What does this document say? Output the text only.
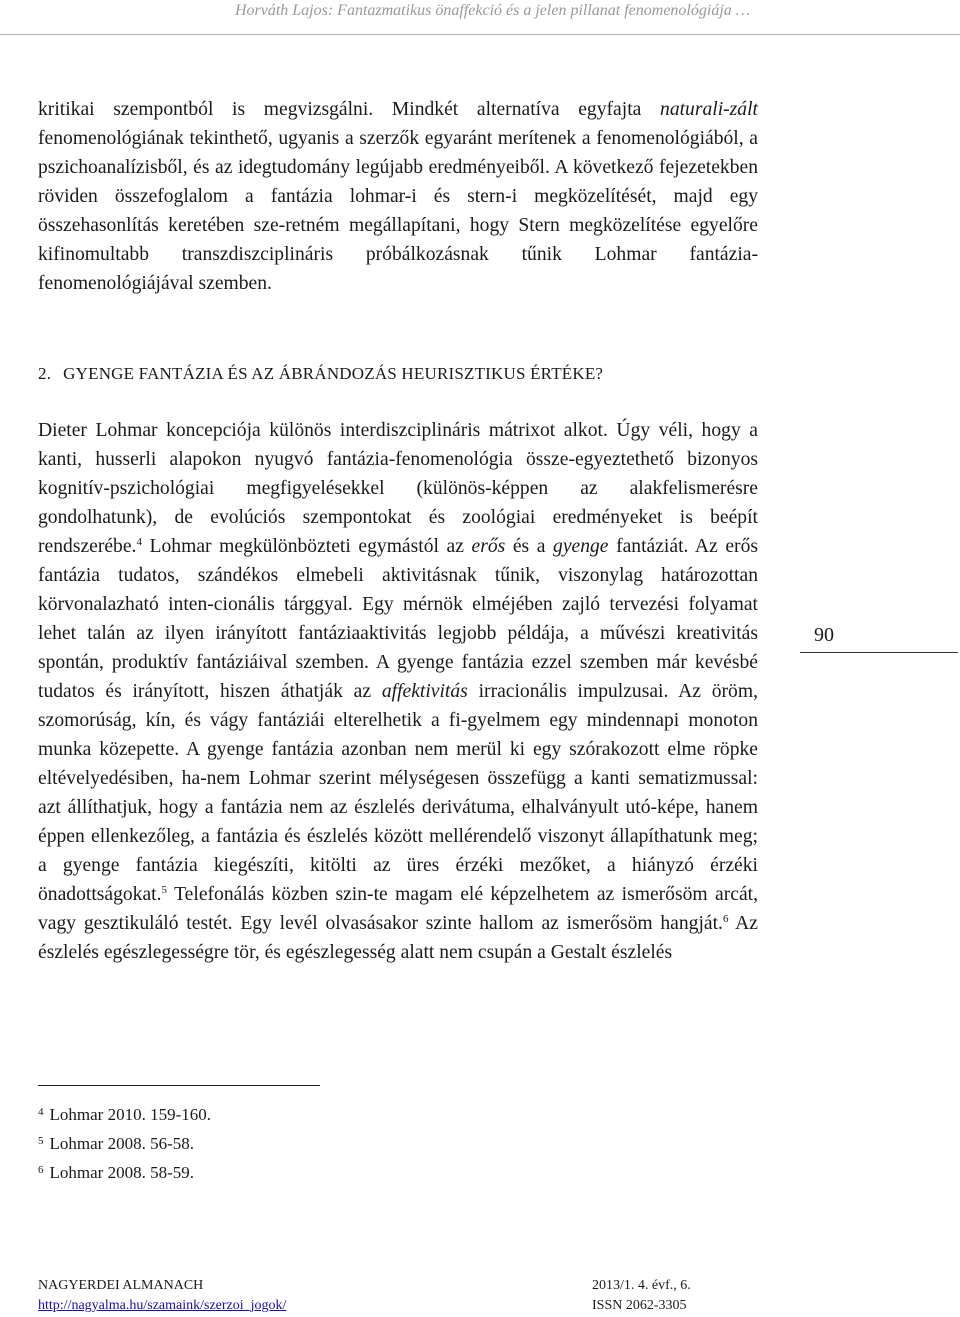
Horváth Lajos: Fantazmatikus önaffekció és a jelen pillanat fenomenológiája …
kritikai szempontból is megvizsgálni. Mindkét alternatíva egyfajta naturali-zált fenomenológiának tekinthető, ugyanis a szerzők egyaránt merítenek a fenomenológiából, a pszichoanalízisből, és az idegtudomány legújabb eredményeiből. A következő fejezetekben röviden összefoglalom a fantázia lohmar-i és stern-i megközelítését, majd egy összehasonlítás keretében sze-retném megállapítani, hogy Stern megközelítése egyelőre kifinomultabb transzdiszciplináris próbálkozásnak tűnik Lohmar fantázia-fenomenológiájával szemben.
2. GYENGE FANTÁZIA ÉS AZ ÁBRÁNDOZÁS HEURISZTIKUS ÉRTÉKE?
Dieter Lohmar koncepciója különös interdiszciplináris mátrixot alkot. Úgy véli, hogy a kanti, husserli alapokon nyugvó fantázia-fenomenológia össze-egyeztethető bizonyos kognitív-pszichológiai megfigyelésekkel (különös-képpen az alakfelismerésre gondolhatunk), de evolúciós szempontokat és zoológiai eredményeket is beépít rendszerébe.$^4$ Lohmar megkülönbözteti egymástól az erős és a gyenge fantáziát. Az erős fantázia tudatos, szándékos elmebeli aktivitásnak tűnik, viszonylag határozottan körvonalazható inten-cionális tárggyal. Egy mérnök elméjében zajló tervezési folyamat lehet talán az ilyen irányított fantáziaaktivitás legjobb példája, a művészi kreativitás spontán, produktív fantáziáival szemben. A gyenge fantázia ezzel szemben már kevésbé tudatos és irányított, hiszen áthatják az affektivitás irracionális impulzusai. Az öröm, szomorúság, kín, és vágy fantáziái elterelhetik a fi-gyelmem egy mindennapi monoton munka közepette. A gyenge fantázia azonban nem merül ki egy szórakozott elme röpke eltévelyedésiben, ha-nem Lohmar szerint mélységesen összefügg a kanti sematizmussal: azt állíthatjuk, hogy a fantázia nem az észlelés derivátuma, elhalványult utó-képe, hanem éppen ellenkezőleg, a fantázia és észlelés között mellérendelő viszonyt állapíthatunk meg; a gyenge fantázia kiegészíti, kitölti az üres érzéki mezőket, a hiányzó érzéki önadottságokat.$^5$ Telefonálás közben szin-te magam elé képzelhetem az ismerősöm arcát, vagy gesztikuláló testét. Egy levél olvasásakor szinte hallom az ismerősöm hangját.$^6$ Az észlelés egészlegességre tör, és egészlegesség alatt nem csupán a Gestalt észlelés
90
$^4$ Lohmar 2010. 159-160.
$^5$ Lohmar 2008. 56-58.
$^6$ Lohmar 2008. 58-59.
NAGYERDEI ALMANACH
http://nagyalma.hu/szamaink/szerzoi_jogok/
2013/1. 4. évf., 6.
ISSN 2062-3305
